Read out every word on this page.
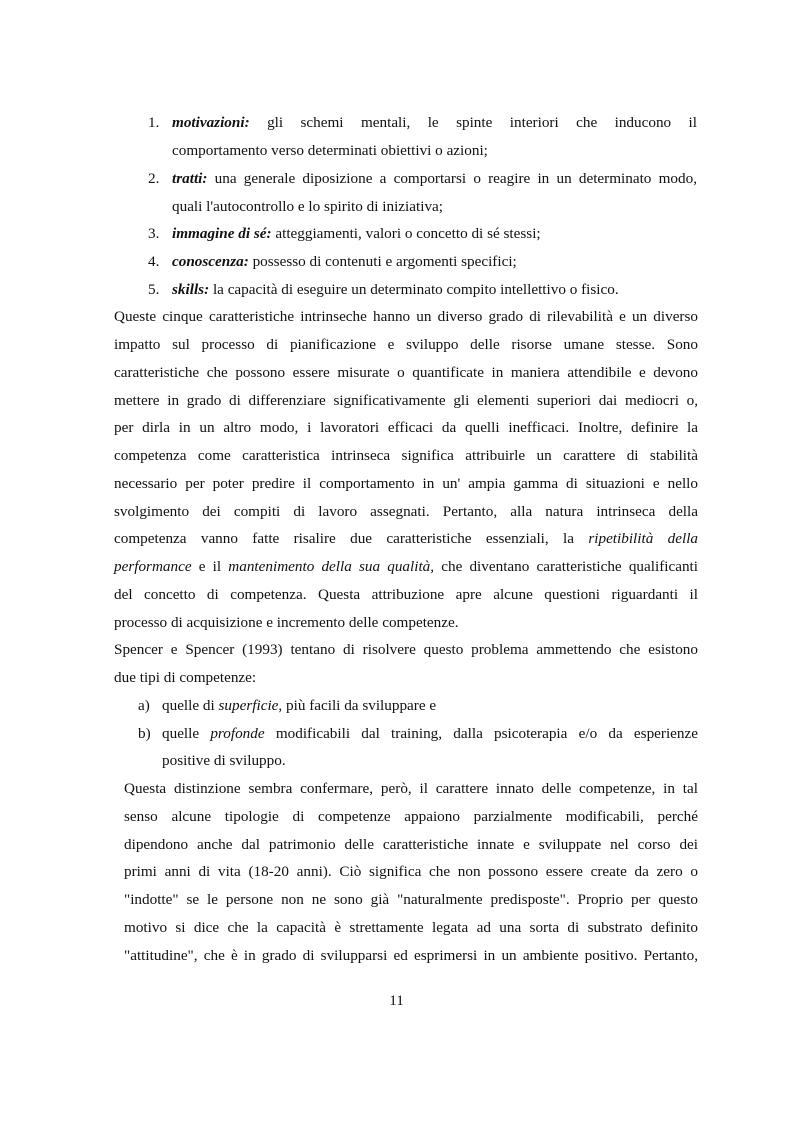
1. motivazioni: gli schemi mentali, le spinte interiori che inducono il
comportamento verso determinati obiettivi o azioni;
2. tratti: una generale diposizione a comportarsi o reagire in un determinato modo,
quali l'autocontrollo e lo spirito di iniziativa;
3. immagine di sé: atteggiamenti, valori o concetto di sé stessi;
4. conoscenza: possesso di contenuti e argomenti specifici;
5. skills: la capacità di eseguire un determinato compito intellettivo o fisico.
Queste cinque caratteristiche intrinseche hanno un diverso grado di rilevabilità e un diverso
impatto sul processo di pianificazione e sviluppo delle risorse umane stesse. Sono
caratteristiche che possono essere misurate o quantificate in maniera attendibile e devono
mettere in grado di differenziare significativamente gli elementi superiori dai mediocri o,
per dirla in un altro modo, i lavoratori efficaci da quelli inefficaci. Inoltre, definire la
competenza come caratteristica intrinseca significa attribuirle un carattere di stabilità
necessario per poter predire il comportamento in un' ampia gamma di situazioni e nello
svolgimento dei compiti di lavoro assegnati. Pertanto, alla natura intrinseca della
competenza vanno fatte risalire due caratteristiche essenziali, la ripetibilità della
performance e il mantenimento della sua qualità, che diventano caratteristiche qualificanti
del concetto di competenza. Questa attribuzione apre alcune questioni riguardanti il
processo di acquisizione e incremento delle competenze.
Spencer e Spencer (1993) tentano di risolvere questo problema ammettendo che esistono
due tipi di competenze:
a) quelle di superficie, più facili da sviluppare e
b) quelle profonde modificabili dal training, dalla psicoterapia e/o da esperienze
positive di sviluppo.
Questa distinzione sembra confermare, però, il carattere innato delle competenze, in tal
senso alcune tipologie di competenze appaiono parzialmente modificabili, perché
dipendono anche dal patrimonio delle caratteristiche innate e sviluppate nel corso dei
primi anni di vita (18-20 anni). Ciò significa che non possono essere create da zero o
"indotte" se le persone non ne sono già "naturalmente predisposte". Proprio per questo
motivo si dice che la capacità è strettamente legata ad una sorta di substrato definito
"attitudine", che è in grado di svilupparsi ed esprimersi in un ambiente positivo. Pertanto,
11
